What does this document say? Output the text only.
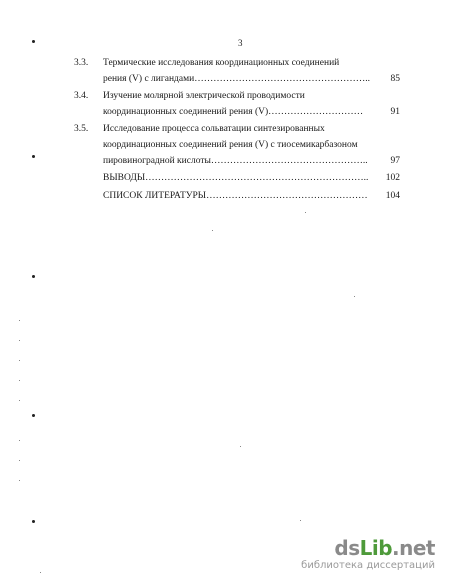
3
3.3. Термические исследования координационных соединений
рения (V) с лигандами……………………………………………….. 85
3.4. Изучение молярной электрической проводимости
координационных соединений рения (V)…………………………	91
3.5. Исследование процесса сольватации синтезированных
координационных соединений рения (V) с тиосемикарбазоном
пировиноградной кислоты………………………………………….. 97
ВЫВОДЫ…………………………………………………………….. 102
СПИСОК ЛИТЕРАТУРЫ…………………………………………… 104
dsLib.net
библиотека диссертаций
